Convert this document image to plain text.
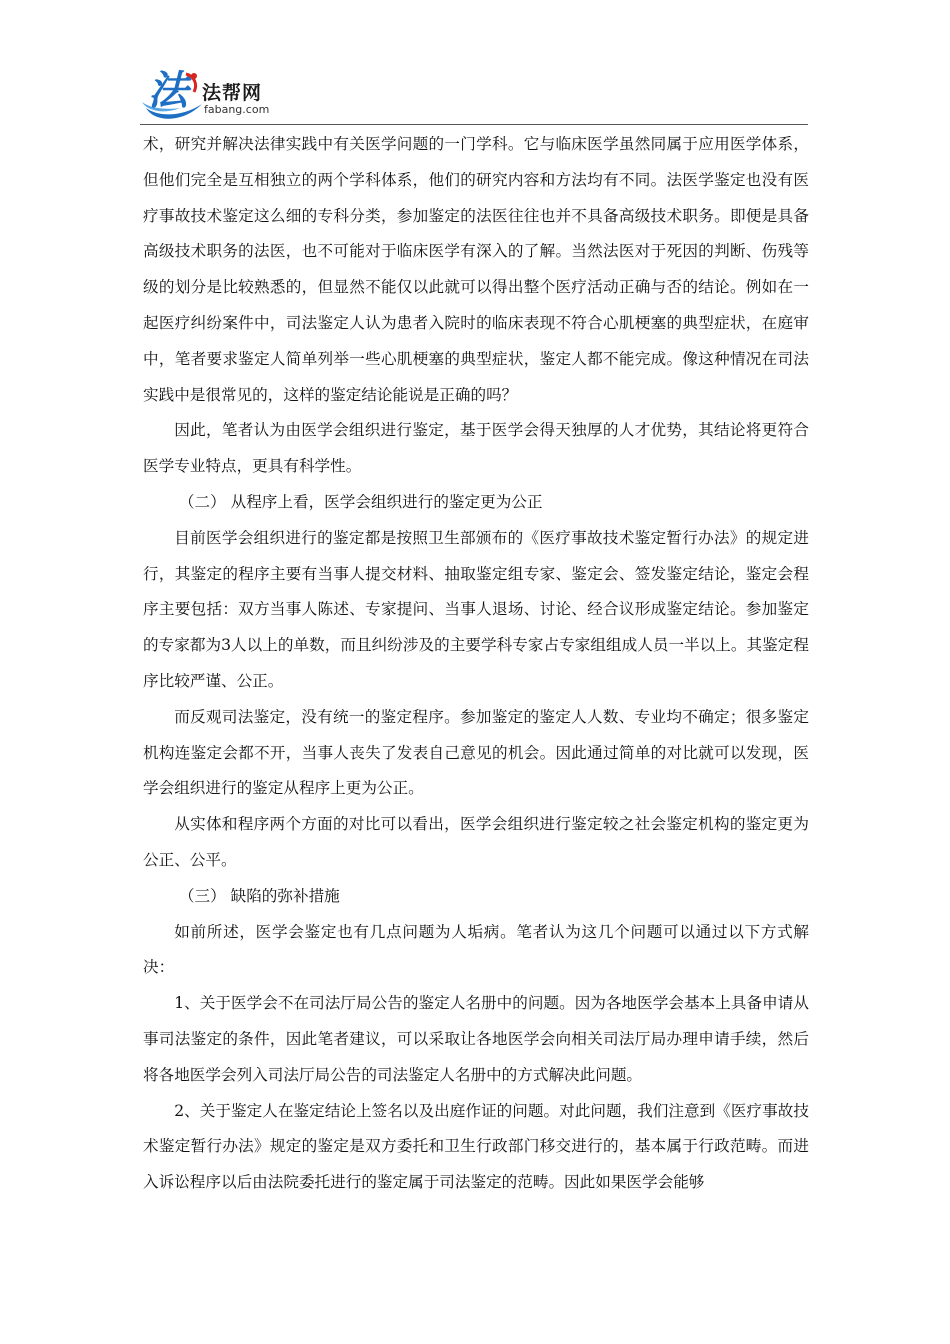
法 法帮网
fabang.com

术，研究并解决法律实践中有关医学问题的一门学科。它与临床医学虽然同属于应用医学体系，但他们完全是互相独立的两个学科体系，他们的研究内容和方法均有不同。法医学鉴定也没有医疗事故技术鉴定这么细的专科分类，参加鉴定的法医往往也并不具备高级技术职务。即便是具备高级技术职务的法医，也不可能对于临床医学有深入的了解。当然法医对于死因的判断、伤残等级的划分是比较熟悉的，但显然不能仅以此就可以得出整个医疗活动正确与否的结论。例如在一起医疗纠纷案件中，司法鉴定人认为患者入院时的临床表现不符合心肌梗塞的典型症状，在庭审中，笔者要求鉴定人简单列举一些心肌梗塞的典型症状，鉴定人都不能完成。像这种情况在司法实践中是很常见的，这样的鉴定结论能说是正确的吗？

因此，笔者认为由医学会组织进行鉴定，基于医学会得天独厚的人才优势，其结论将更符合医学专业特点，更具有科学性。

（二） 从程序上看，医学会组织进行的鉴定更为公正

目前医学会组织进行的鉴定都是按照卫生部颁布的《医疗事故技术鉴定暂行办法》的规定进行，其鉴定的程序主要有当事人提交材料、抽取鉴定组专家、鉴定会、签发鉴定结论，鉴定会程序主要包括：双方当事人陈述、专家提问、当事人退场、讨论、经合议形成鉴定结论。参加鉴定的专家都为3人以上的单数，而且纠纷涉及的主要学科专家占专家组组成人员一半以上。其鉴定程序比较严谨、公正。

而反观司法鉴定，没有统一的鉴定程序。参加鉴定的鉴定人人数、专业均不确定；很多鉴定机构连鉴定会都不开，当事人丧失了发表自己意见的机会。因此通过简单的对比就可以发现，医学会组织进行的鉴定从程序上更为公正。

从实体和程序两个方面的对比可以看出，医学会组织进行鉴定较之社会鉴定机构的鉴定更为公正、公平。

（三） 缺陷的弥补措施

如前所述，医学会鉴定也有几点问题为人垢病。笔者认为这几个问题可以通过以下方式解决：

1、关于医学会不在司法厅局公告的鉴定人名册中的问题。因为各地医学会基本上具备申请从事司法鉴定的条件，因此笔者建议，可以采取让各地医学会向相关司法厅局办理申请手续，然后将各地医学会列入司法厅局公告的司法鉴定人名册中的方式解决此问题。

2、关于鉴定人在鉴定结论上签名以及出庭作证的问题。对此问题，我们注意到《医疗事故技术鉴定暂行办法》规定的鉴定是双方委托和卫生行政部门移交进行的，基本属于行政范畴。而进入诉讼程序以后由法院委托进行的鉴定属于司法鉴定的范畴。因此如果医学会能够
